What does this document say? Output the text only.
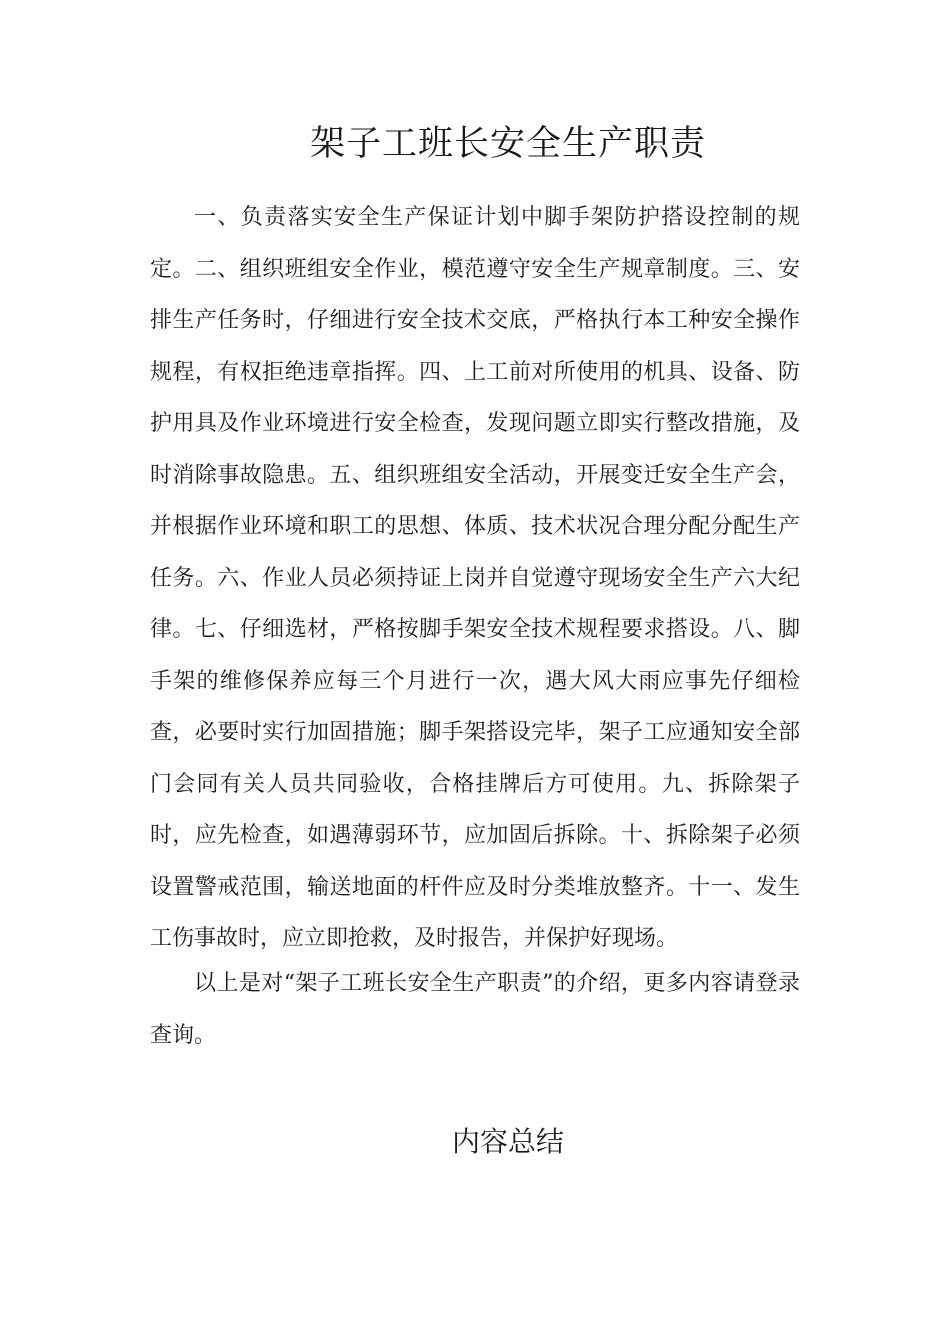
架子工班长安全生产职责
一、负责落实安全生产保证计划中脚手架防护搭设控制的规
定。二、组织班组安全作业，模范遵守安全生产规章制度。三、安
排生产任务时，仔细进行安全技术交底，严格执行本工种安全操作
规程，有权拒绝违章指挥。四、上工前对所使用的机具、设备、防
护用具及作业环境进行安全检查，发现问题立即实行整改措施，及
时消除事故隐患。五、组织班组安全活动，开展变迁安全生产会，
并根据作业环境和职工的思想、体质、技术状况合理分配分配生产
任务。六、作业人员必须持证上岗并自觉遵守现场安全生产六大纪
律。七、仔细选材，严格按脚手架安全技术规程要求搭设。八、脚
手架的维修保养应每三个月进行一次，遇大风大雨应事先仔细检
查，必要时实行加固措施；脚手架搭设完毕，架子工应通知安全部
门会同有关人员共同验收，合格挂牌后方可使用。九、拆除架子
时，应先检查，如遇薄弱环节，应加固后拆除。十、拆除架子必须
设置警戒范围，输送地面的杆件应及时分类堆放整齐。十一、发生
工伤事故时，应立即抢救，及时报告，并保护好现场。
以上是对“架子工班长安全生产职责”的介绍，更多内容请登录
查询。
内容总结
